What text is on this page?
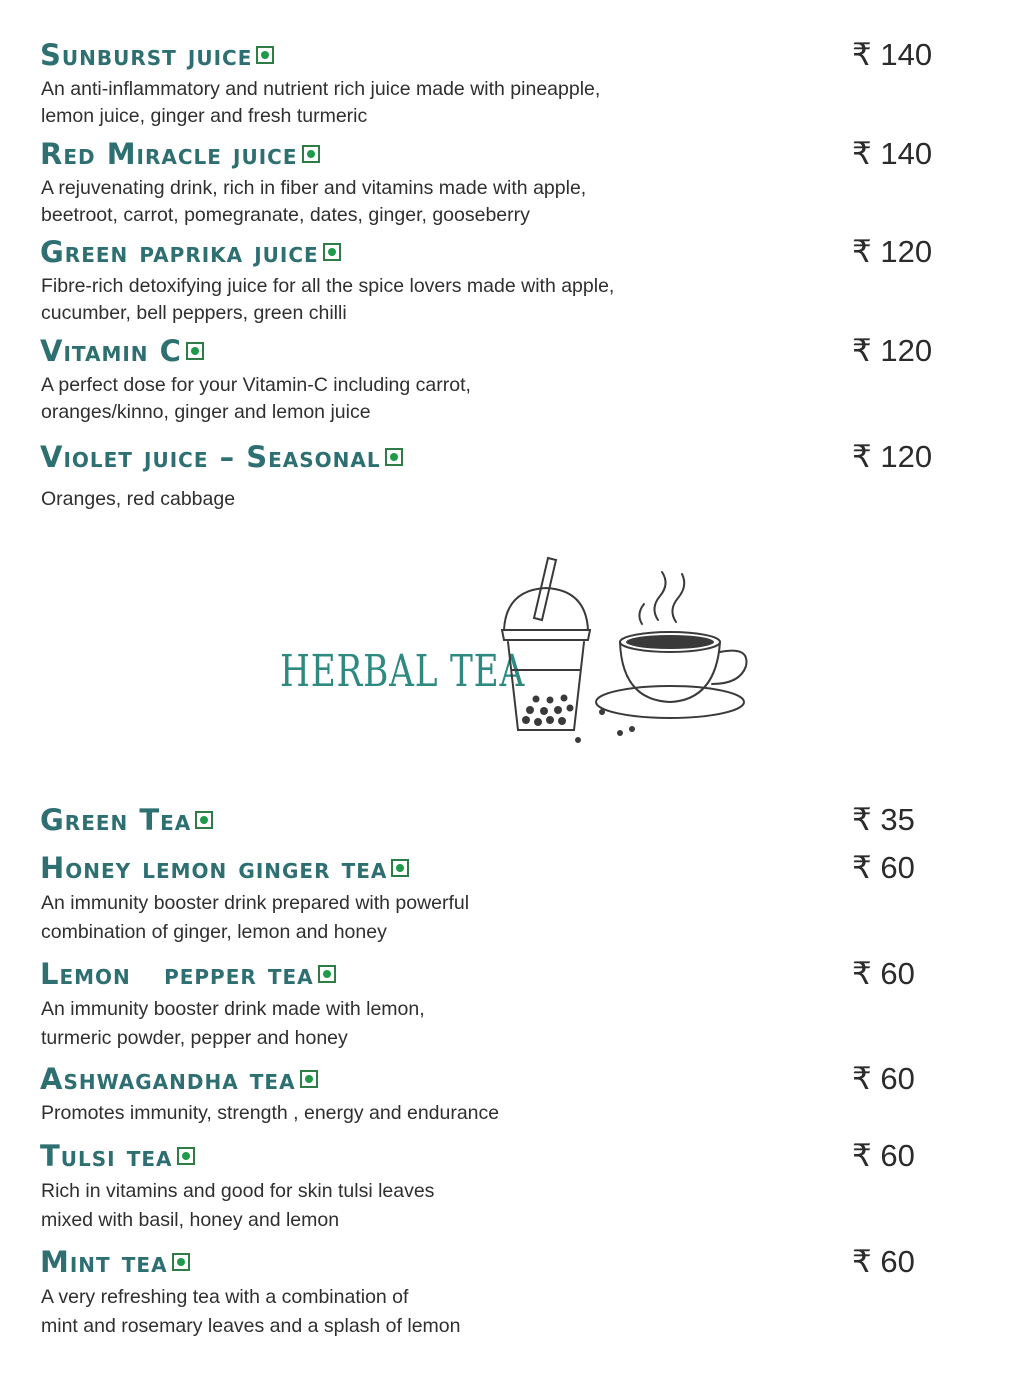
Sunburst juice	₹ 140
An anti-inflammatory and nutrient rich juice made with pineapple,
lemon juice, ginger and fresh turmeric
Red Miracle juice	₹ 140
A rejuvenating drink, rich in fiber and vitamins made with apple,
beetroot, carrot, pomegranate, dates, ginger, gooseberry
Green paprika juice	₹ 120
Fibre-rich detoxifying juice for all the spice lovers made with apple,
cucumber, bell peppers, green chilli
Vitamin C	₹ 120
A perfect dose for your Vitamin-C including carrot,
oranges/kinno, ginger and lemon juice
Violet juice – Seasonal	₹ 120
Oranges, red cabbage
HERBAL TEA
Green Tea	₹ 35
Honey lemon ginger tea	₹ 60
An immunity booster drink prepared with powerful
combination of ginger, lemon and honey
Lemon   pepper tea	₹ 60
An immunity booster drink made with lemon,
turmeric powder, pepper and honey
Ashwagandha tea	₹ 60
Promotes immunity, strength , energy and endurance
Tulsi tea	₹ 60
Rich in vitamins and good for skin tulsi leaves
mixed with basil, honey and lemon
Mint tea	₹ 60
A very refreshing tea with a combination of
mint and rosemary leaves and a splash of lemon
